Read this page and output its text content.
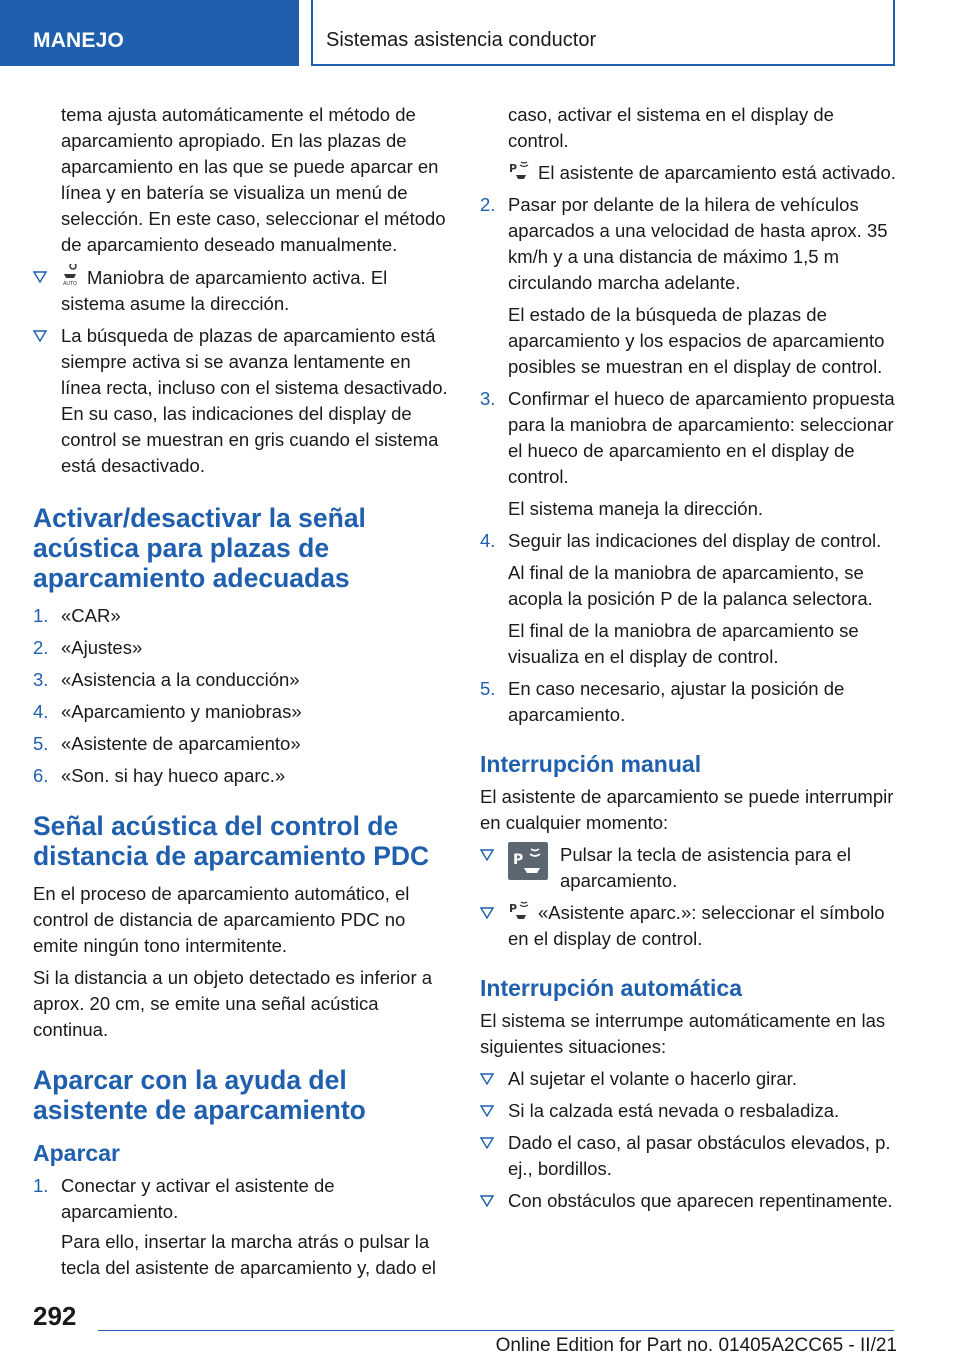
MANEJO	Sistemas asistencia conductor

tema ajusta automáticamente el método de aparcamiento apropiado. En las plazas de aparcamiento en las que se puede aparcar en línea y en batería se visualiza un menú de selección. En este caso, seleccionar el método de aparcamiento deseado manualmente.

AUTO Maniobra de aparcamiento activa. El sistema asume la dirección.
La búsqueda de plazas de aparcamiento está siempre activa si se avanza lentamente en línea recta, incluso con el sistema desactivado. En su caso, las indicaciones del display de control se muestran en gris cuando el sistema está desactivado.
Activar/desactivar la señal acústica para plazas de aparcamiento adecuadas
1. «CAR»
2. «Ajustes»
3. «Asistencia a la conducción»
4. «Aparcamiento y maniobras»
5. «Asistente de aparcamiento»
6. «Son. si hay hueco aparc.»
Señal acústica del control de distancia de aparcamiento PDC

En el proceso de aparcamiento automático, el control de distancia de aparcamiento PDC no emite ningún tono intermitente.

Si la distancia a un objeto detectado es inferior a aprox. 20 cm, se emite una señal acústica continua.

Aparcar con la ayuda del asistente de aparcamiento
Aparcar
1. Conectar y activar el asistente de aparcamiento.

Para ello, insertar la marcha atrás o pulsar la tecla del asistente de aparcamiento y, dado el

caso, activar el sistema en el display de control.

P El asistente de aparcamiento está activado.

2. Pasar por delante de la hilera de vehículos aparcados a una velocidad de hasta aprox. 35 km/h y a una distancia de máximo 1,5 m circulando marcha adelante.

El estado de la búsqueda de plazas de aparcamiento y los espacios de aparcamiento posibles se muestran en el display de control.

3. Confirmar el hueco de aparcamiento propuesta para la maniobra de aparcamiento: seleccionar el hueco de aparcamiento en el display de control.

El sistema maneja la dirección.

4. Seguir las indicaciones del display de control.

Al final de la maniobra de aparcamiento, se acopla la posición P de la palanca selectora.

El final de la maniobra de aparcamiento se visualiza en el display de control.

5. En caso necesario, ajustar la posición de aparcamiento.
Interrupción manual

El asistente de aparcamiento se puede interrumpir en cualquier momento:

P Pulsar la tecla de asistencia para el aparcamiento.
P «Asistente aparc.»: seleccionar el símbolo en el display de control.
Interrupción automática

El sistema se interrumpe automáticamente en las siguientes situaciones:

Al sujetar el volante o hacerlo girar.
Si la calzada está nevada o resbaladiza.
Dado el caso, al pasar obstáculos elevados, p. ej., bordillos.
Con obstáculos que aparecen repentinamente.
292
Online Edition for Part no. 01405A2CC65 - II/21
